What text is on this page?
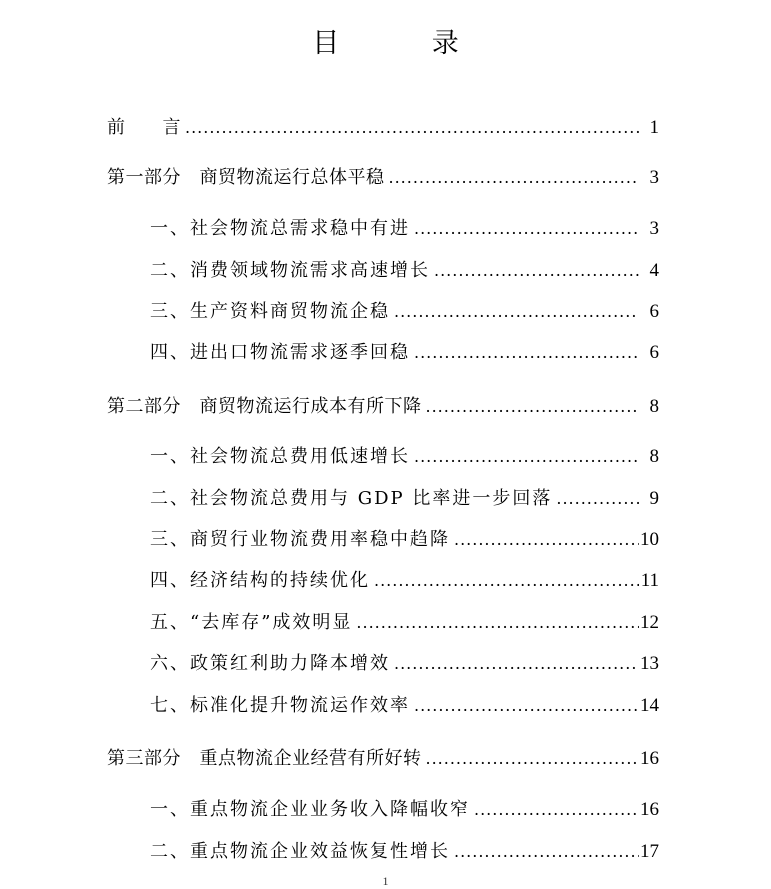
目 录
前　　言 .....	1
第一部分　商贸物流运行总体平稳 .....	3
一、社会物流总需求稳中有进 .....	3
二、消费领域物流需求高速增长 .....	4
三、生产资料商贸物流企稳 .....	6
四、进出口物流需求逐季回稳 .....	6
第二部分　商贸物流运行成本有所下降 .....	8
一、社会物流总费用低速增长 .....	8
二、社会物流总费用与 GDP 比率进一步回落 .....	9
三、商贸行业物流费用率稳中趋降 .....	10
四、经济结构的持续优化 .....	11
五、“去库存”成效明显 .....	12
六、政策红利助力降本增效 .....	13
七、标准化提升物流运作效率 .....	14
第三部分　重点物流企业经营有所好转 .....	16
一、重点物流企业业务收入降幅收窄 .....	16
二、重点物流企业效益恢复性增长 .....	17
1
